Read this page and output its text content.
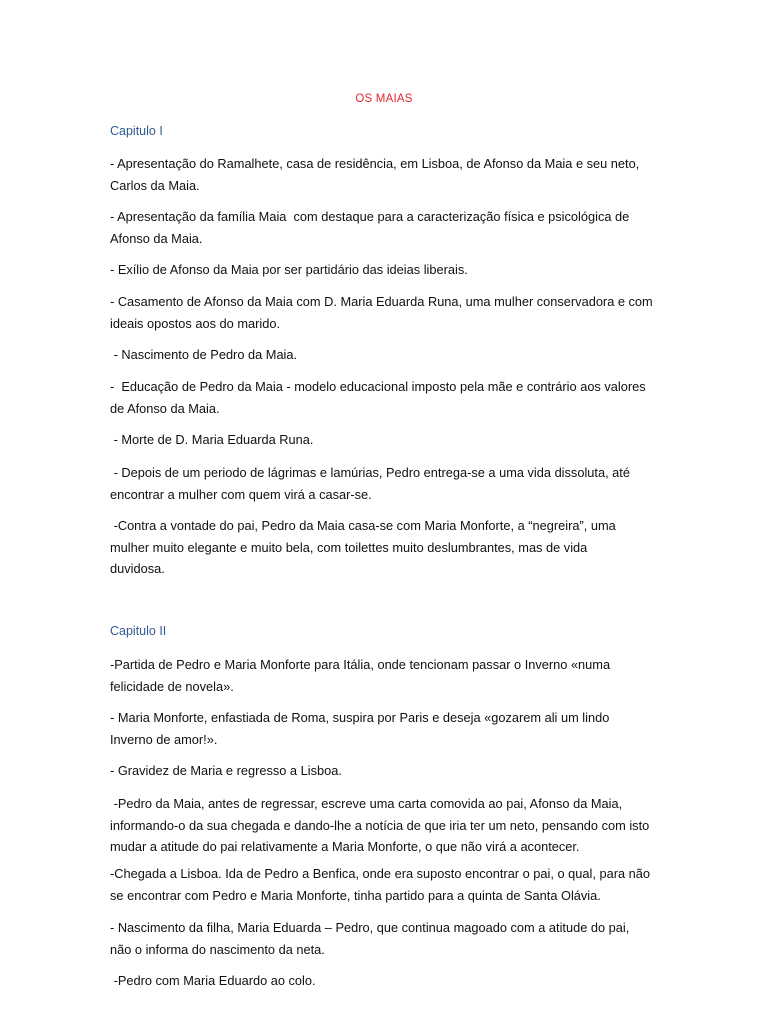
OS MAIAS
Capitulo I
- Apresentação do Ramalhete, casa de residência, em Lisboa, de Afonso da Maia e seu neto,
Carlos da Maia.
- Apresentação da família Maia  com destaque para a caracterização física e psicológica de
Afonso da Maia.
- Exílio de Afonso da Maia por ser partidário das ideias liberais.
- Casamento de Afonso da Maia com D. Maria Eduarda Runa, uma mulher conservadora e com
ideais opostos aos do marido.
- Nascimento de Pedro da Maia.
-  Educação de Pedro da Maia - modelo educacional imposto pela mãe e contrário aos valores
de Afonso da Maia.
- Morte de D. Maria Eduarda Runa.
- Depois de um periodo de lágrimas e lamúrias, Pedro entrega-se a uma vida dissoluta, até
encontrar a mulher com quem virá a casar-se.
-Contra a vontade do pai, Pedro da Maia casa-se com Maria Monforte, a “negreira”, uma
mulher muito elegante e muito bela, com toilettes muito deslumbrantes, mas de vida
duvidosa.
Capitulo II
-Partida de Pedro e Maria Monforte para Itália, onde tencionam passar o Inverno «numa
felicidade de novela».
- Maria Monforte, enfastiada de Roma, suspira por Paris e deseja «gozarem ali um lindo
Inverno de amor!».
- Gravidez de Maria e regresso a Lisboa.
-Pedro da Maia, antes de regressar, escreve uma carta comovida ao pai, Afonso da Maia,
informando-o da sua chegada e dando-lhe a notícia de que iria ter um neto, pensando com isto
mudar a atitude do pai relativamente a Maria Monforte, o que não virá a acontecer.
-Chegada a Lisboa. Ida de Pedro a Benfica, onde era suposto encontrar o pai, o qual, para não
se encontrar com Pedro e Maria Monforte, tinha partido para a quinta de Santa Olávia.
- Nascimento da filha, Maria Eduarda – Pedro, que continua magoado com a atitude do pai,
não o informa do nascimento da neta.
-Pedro com Maria Eduardo ao colo.
